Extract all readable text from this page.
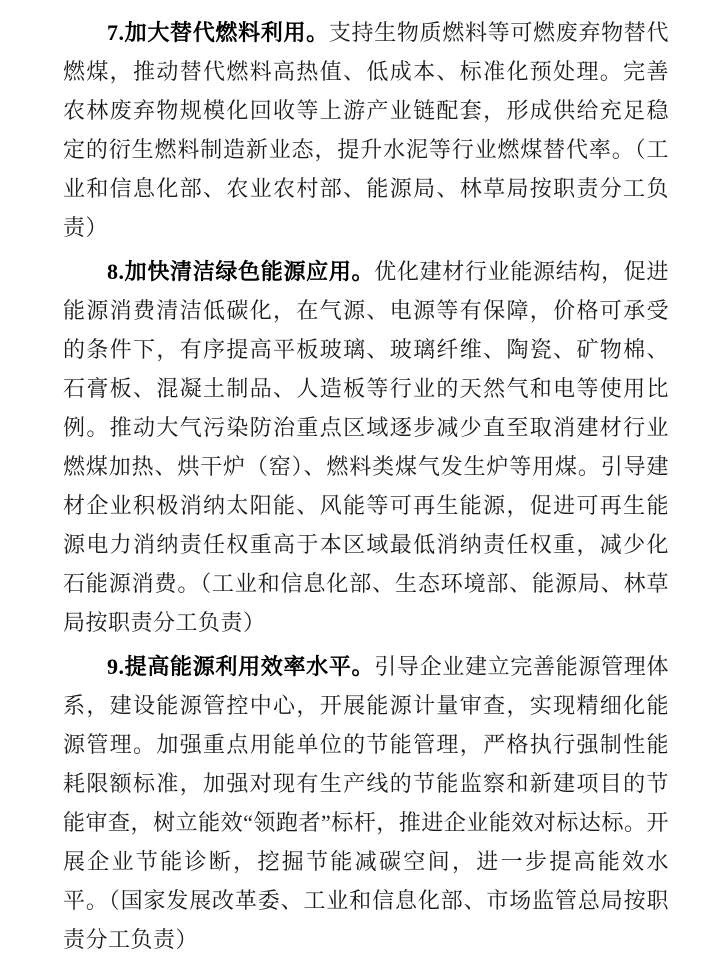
7.加大替代燃料利用。支持生物质燃料等可燃废弃物替代燃煤，推动替代燃料高热值、低成本、标准化预处理。完善农林废弃物规模化回收等上游产业链配套，形成供给充足稳定的衍生燃料制造新业态，提升水泥等行业燃煤替代率。（工业和信息化部、农业农村部、能源局、林草局按职责分工负责）

8.加快清洁绿色能源应用。优化建材行业能源结构，促进能源消费清洁低碳化，在气源、电源等有保障，价格可承受的条件下，有序提高平板玻璃、玻璃纤维、陶瓷、矿物棉、石膏板、混凝土制品、人造板等行业的天然气和电等使用比例。推动大气污染防治重点区域逐步减少直至取消建材行业燃煤加热、烘干炉（窑）、燃料类煤气发生炉等用煤。引导建材企业积极消纳太阳能、风能等可再生能源，促进可再生能源电力消纳责任权重高于本区域最低消纳责任权重，减少化石能源消费。（工业和信息化部、生态环境部、能源局、林草局按职责分工负责）

9.提高能源利用效率水平。引导企业建立完善能源管理体系，建设能源管控中心，开展能源计量审查，实现精细化能源管理。加强重点用能单位的节能管理，严格执行强制性能耗限额标准，加强对现有生产线的节能监察和新建项目的节能审查，树立能效“领跑者”标杆，推进企业能效对标达标。开展企业节能诊断，挖掘节能减碳空间，进一步提高能效水平。（国家发展改革委、工业和信息化部、市场监管总局按职责分工负责）
